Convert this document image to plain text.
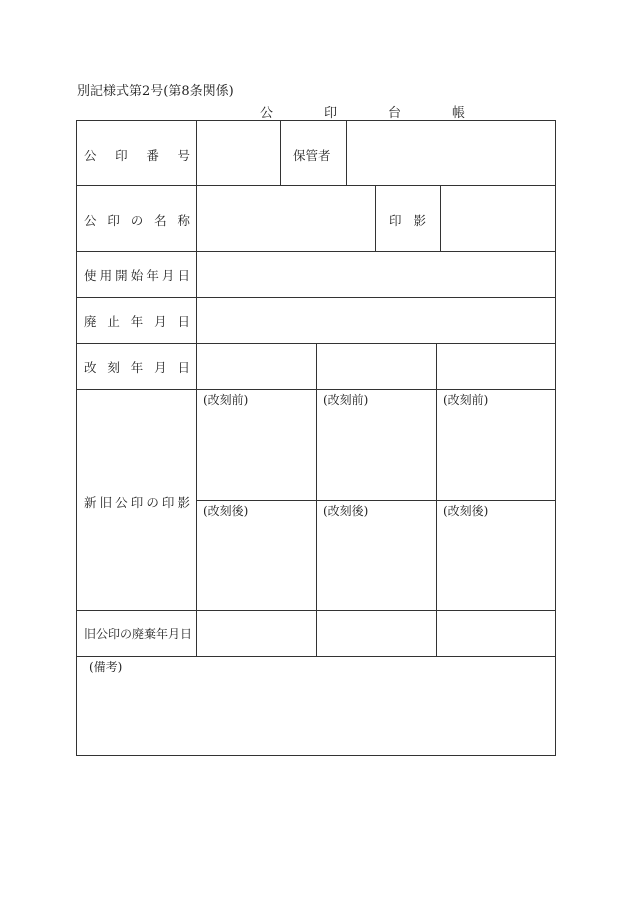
別記様式第2号(第8条関係)
公　印　台　帳
公 印 番 号	保管者
公 印 の 名 称	印 影
使 用 開 始 年 月 日
廃 止 年 月 日
改 刻 年 月 日
新 旧 公 印 の 印 影
(改刻前)	(改刻前)	(改刻前)
(改刻後)	(改刻後)	(改刻後)
旧公印の廃棄年月日
(備考)
